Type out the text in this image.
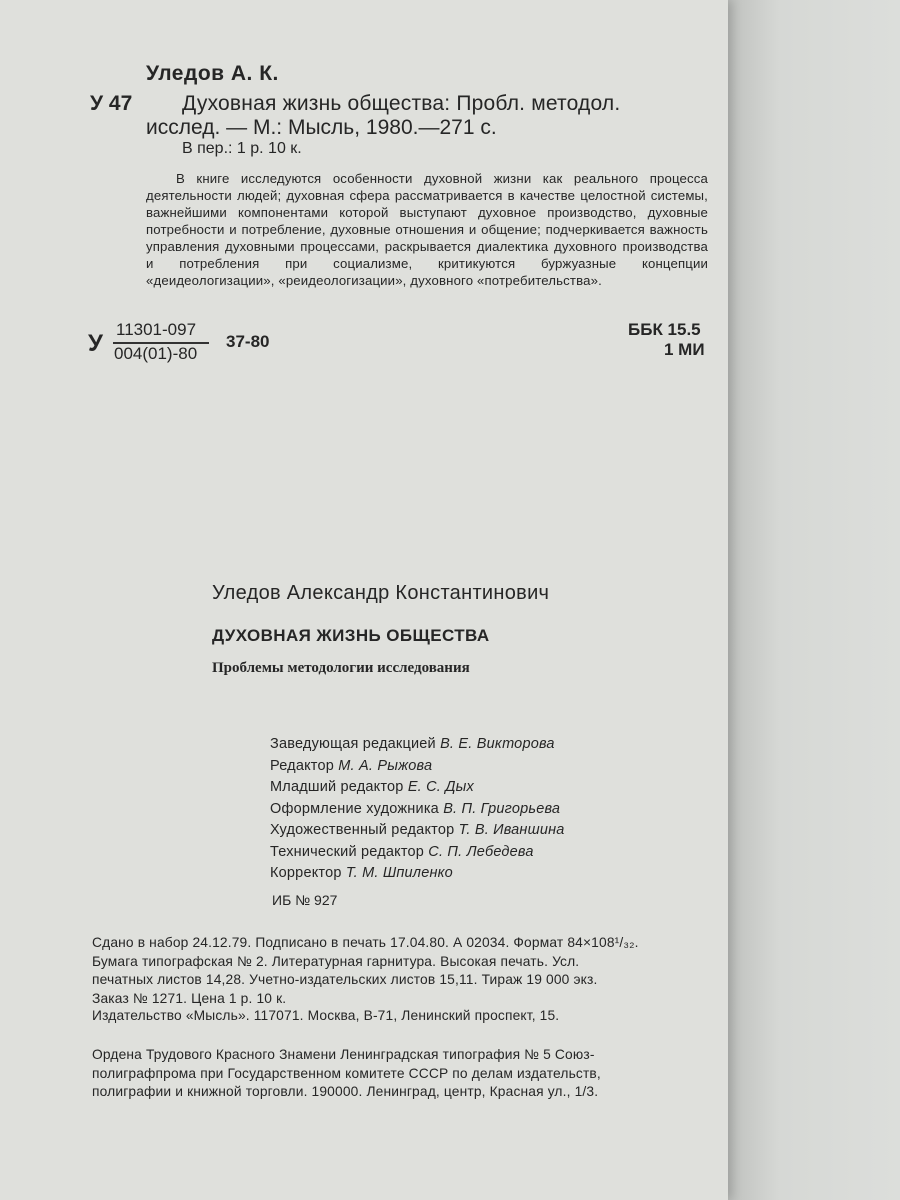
Уледов А. К.
У 47 Духовная жизнь общества: Пробл. методол.
исслед. — М.: Мысль, 1980.—271 с.
В пер.: 1 р. 10 к.
В книге исследуются особенности духовной жизни как реального процесса деятельности людей; духовная сфера рассматривается в качестве целостной системы, важнейшими компонентами которой выступают духовное производство, духовные потребности и потребление, духовные отношения и общение; подчеркивается важность управления духовными процессами, раскрывается диалектика духовного производства и потребления при социализме, критикуются буржуазные концепции «деидеологизации», «реидеологизации», духовного «потребительства».
У
11301-097
004(01)-80
37-80
ББК 15.5
1 МИ
Уледов Александр Константинович
ДУХОВНАЯ ЖИЗНЬ ОБЩЕСТВА
Проблемы методологии исследования
Заведующая редакцией В. Е. Викторова
Редактор М. А. Рыжова
Младший редактор Е. С. Дых
Оформление художника В. П. Григорьева
Художественный редактор Т. В. Иваншина
Технический редактор С. П. Лебедева
Корректор Т. М. Шпиленко
ИБ № 927
Сдано в набор 24.12.79. Подписано в печать 17.04.80. А 02034. Формат 84×108¹/₃₂.
Бумага типографская № 2. Литературная гарнитура. Высокая печать. Усл.
печатных листов 14,28. Учетно-издательских листов 15,11. Тираж 19 000 экз.
Заказ № 1271. Цена 1 р. 10 к.
Издательство «Мысль». 117071. Москва, В-71, Ленинский проспект, 15.
Ордена Трудового Красного Знамени Ленинградская типография № 5 Союз-
полиграфпрома при Государственном комитете СССР по делам издательств,
полиграфии и книжной торговли. 190000. Ленинград, центр, Красная ул., 1/3.
